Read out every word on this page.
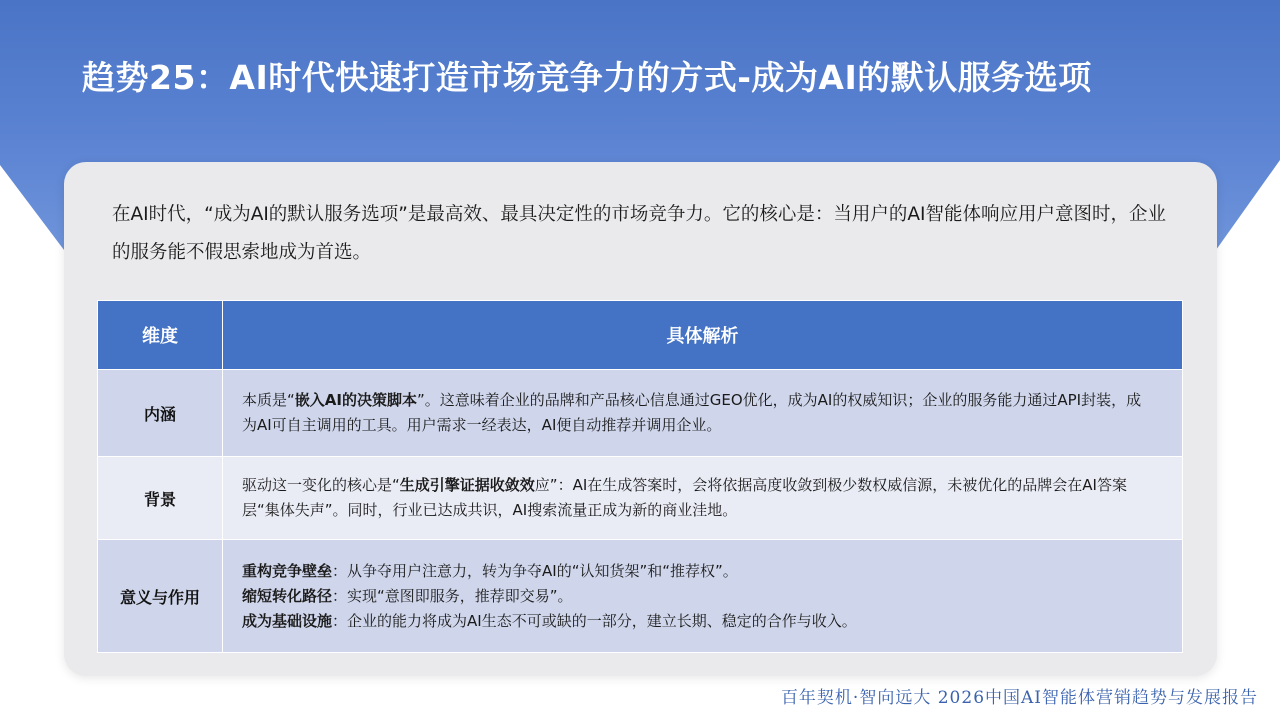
趋势25：AI时代快速打造市场竞争力的方式-成为AI的默认服务选项
在AI时代，“成为AI的默认服务选项”是最高效、最具决定性的市场竞争力。它的核心是：当用户的AI智能体响应用户意图时，企业的服务能不假思索地成为首选。
维度	具体解析
内涵	本质是“嵌入AI的决策脚本”。这意味着企业的品牌和产品核心信息通过GEO优化，成为AI的权威知识；企业的服务能力通过API封装，成为AI可自主调用的工具。用户需求一经表达，AI便自动推荐并调用企业。
背景	驱动这一变化的核心是“生成引擎证据收敛效应”：AI在生成答案时，会将依据高度收敛到极少数权威信源，未被优化的品牌会在AI答案层“集体失声”。同时，行业已达成共识，AI搜索流量正成为新的商业洼地。
意义与作用	重构竞争壁垒：从争夺用户注意力，转为争夺AI的“认知货架”和“推荐权”。
缩短转化路径：实现“意图即服务，推荐即交易”。
成为基础设施：企业的能力将成为AI生态不可或缺的一部分，建立长期、稳定的合作与收入。
百年契机·智向远大 2026中国AI智能体营销趋势与发展报告
